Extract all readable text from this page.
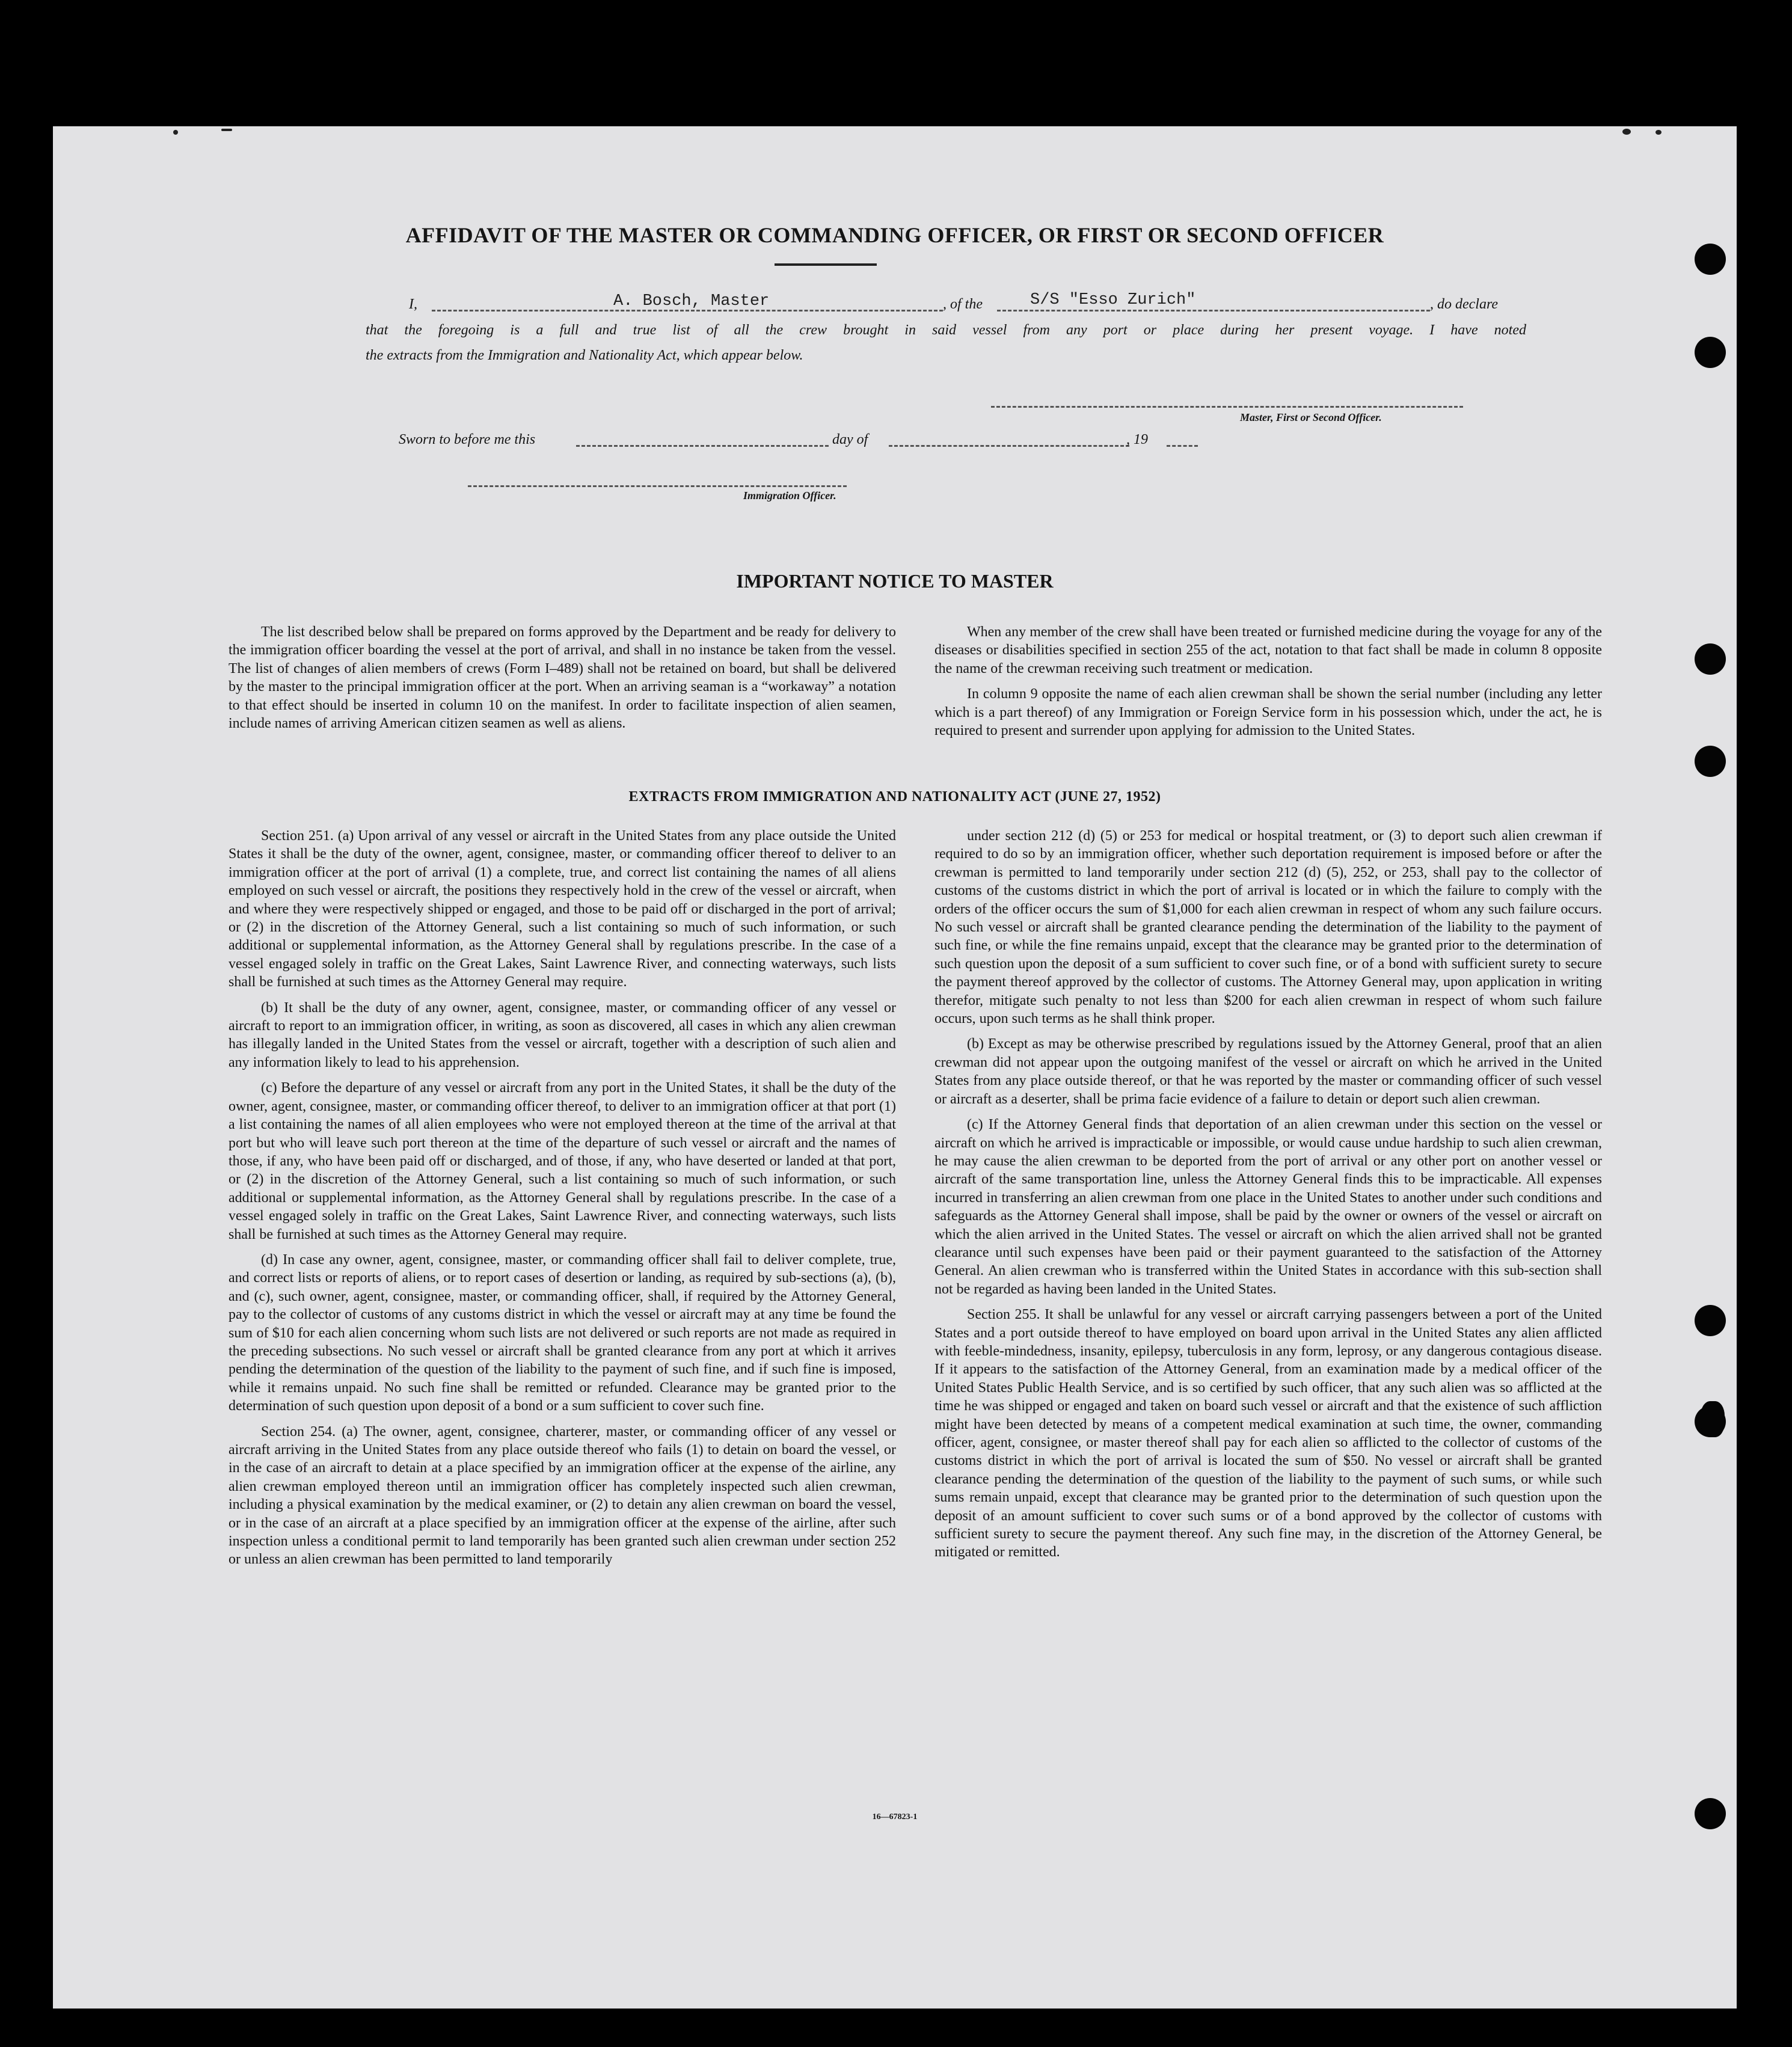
AFFIDAVIT OF THE MASTER OR COMMANDING OFFICER, OR FIRST OR SECOND OFFICER
I,	A. Bosch, Master	, of the	S/S "Esso Zurich"	, do declare
that the foregoing is a full and true list of all the crew brought in said vessel from any port or place during her present voyage. I have noted
the extracts from the Immigration and Nationality Act, which appear below.
Master, First or Second Officer.
Sworn to before me this	day of	, 19
Immigration Officer.
IMPORTANT NOTICE TO MASTER

The list described below shall be prepared on forms approved by the Department and be ready for delivery to the immigration officer boarding the vessel at the port of arrival, and shall in no instance be taken from the vessel. The list of changes of alien members of crews (Form I–489) shall not be retained on board, but shall be delivered by the master to the principal immigration officer at the port. When an arriving seaman is a “workaway” a notation to that effect should be inserted in column 10 on the manifest. In order to facilitate inspection of alien seamen, include names of arriving American citizen seamen as well as aliens.

When any member of the crew shall have been treated or furnished medicine during the voyage for any of the diseases or disabilities specified in section 255 of the act, notation to that fact shall be made in column 8 opposite the name of the crewman receiving such treatment or medication.

In column 9 opposite the name of each alien crewman shall be shown the serial number (including any letter which is a part thereof) of any Immigration or Foreign Service form in his possession which, under the act, he is required to present and surrender upon applying for admission to the United States.

EXTRACTS FROM IMMIGRATION AND NATIONALITY ACT (JUNE 27, 1952)

Section 251. (a) Upon arrival of any vessel or aircraft in the United States from any place outside the United States it shall be the duty of the owner, agent, consignee, master, or commanding officer thereof to deliver to an immigration officer at the port of arrival (1) a complete, true, and correct list containing the names of all aliens employed on such vessel or aircraft, the positions they respectively hold in the crew of the vessel or aircraft, when and where they were respectively shipped or engaged, and those to be paid off or discharged in the port of arrival; or (2) in the discretion of the Attorney General, such a list containing so much of such information, or such additional or supplemental information, as the Attorney General shall by regulations prescribe. In the case of a vessel engaged solely in traffic on the Great Lakes, Saint Lawrence River, and connecting waterways, such lists shall be furnished at such times as the Attorney General may require.

(b) It shall be the duty of any owner, agent, consignee, master, or commanding officer of any vessel or aircraft to report to an immigration officer, in writing, as soon as discovered, all cases in which any alien crewman has illegally landed in the United States from the vessel or aircraft, together with a description of such alien and any information likely to lead to his apprehension.

(c) Before the departure of any vessel or aircraft from any port in the United States, it shall be the duty of the owner, agent, consignee, master, or commanding officer thereof, to deliver to an immigration officer at that port (1) a list containing the names of all alien employees who were not employed thereon at the time of the arrival at that port but who will leave such port thereon at the time of the departure of such vessel or aircraft and the names of those, if any, who have been paid off or discharged, and of those, if any, who have deserted or landed at that port, or (2) in the discretion of the Attorney General, such a list containing so much of such information, or such additional or supplemental information, as the Attorney General shall by regulations prescribe. In the case of a vessel engaged solely in traffic on the Great Lakes, Saint Lawrence River, and connecting waterways, such lists shall be furnished at such times as the Attorney General may require.

(d) In case any owner, agent, consignee, master, or commanding officer shall fail to deliver complete, true, and correct lists or reports of aliens, or to report cases of desertion or landing, as required by sub-sections (a), (b), and (c), such owner, agent, consignee, master, or commanding officer, shall, if required by the Attorney General, pay to the collector of customs of any customs district in which the vessel or aircraft may at any time be found the sum of $10 for each alien concerning whom such lists are not delivered or such reports are not made as required in the preceding subsections. No such vessel or aircraft shall be granted clearance from any port at which it arrives pending the determination of the question of the liability to the payment of such fine, and if such fine is imposed, while it remains unpaid. No such fine shall be remitted or refunded. Clearance may be granted prior to the determination of such question upon deposit of a bond or a sum sufficient to cover such fine.

Section 254. (a) The owner, agent, consignee, charterer, master, or commanding officer of any vessel or aircraft arriving in the United States from any place outside thereof who fails (1) to detain on board the vessel, or in the case of an aircraft to detain at a place specified by an immigration officer at the expense of the airline, any alien crewman employed thereon until an immigration officer has completely inspected such alien crewman, including a physical examination by the medical examiner, or (2) to detain any alien crewman on board the vessel, or in the case of an aircraft at a place specified by an immigration officer at the expense of the airline, after such inspection unless a conditional permit to land temporarily has been granted such alien crewman under section 252 or unless an alien crewman has been permitted to land temporarily

under section 212 (d) (5) or 253 for medical or hospital treatment, or (3) to deport such alien crewman if required to do so by an immigration officer, whether such deportation requirement is imposed before or after the crewman is permitted to land temporarily under section 212 (d) (5), 252, or 253, shall pay to the collector of customs of the customs district in which the port of arrival is located or in which the failure to comply with the orders of the officer occurs the sum of $1,000 for each alien crewman in respect of whom any such failure occurs. No such vessel or aircraft shall be granted clearance pending the determination of the liability to the payment of such fine, or while the fine remains unpaid, except that the clearance may be granted prior to the determination of such question upon the deposit of a sum sufficient to cover such fine, or of a bond with sufficient surety to secure the payment thereof approved by the collector of customs. The Attorney General may, upon application in writing therefor, mitigate such penalty to not less than $200 for each alien crewman in respect of whom such failure occurs, upon such terms as he shall think proper.

(b) Except as may be otherwise prescribed by regulations issued by the Attorney General, proof that an alien crewman did not appear upon the outgoing manifest of the vessel or aircraft on which he arrived in the United States from any place outside thereof, or that he was reported by the master or commanding officer of such vessel or aircraft as a deserter, shall be prima facie evidence of a failure to detain or deport such alien crewman.

(c) If the Attorney General finds that deportation of an alien crewman under this section on the vessel or aircraft on which he arrived is impracticable or impossible, or would cause undue hardship to such alien crewman, he may cause the alien crewman to be deported from the port of arrival or any other port on another vessel or aircraft of the same transportation line, unless the Attorney General finds this to be impracticable. All expenses incurred in transferring an alien crewman from one place in the United States to another under such conditions and safeguards as the Attorney General shall impose, shall be paid by the owner or owners of the vessel or aircraft on which the alien arrived in the United States. The vessel or aircraft on which the alien arrived shall not be granted clearance until such expenses have been paid or their payment guaranteed to the satisfaction of the Attorney General. An alien crewman who is transferred within the United States in accordance with this sub-section shall not be regarded as having been landed in the United States.

Section 255. It shall be unlawful for any vessel or aircraft carrying passengers between a port of the United States and a port outside thereof to have employed on board upon arrival in the United States any alien afflicted with feeble-mindedness, insanity, epilepsy, tuberculosis in any form, leprosy, or any dangerous contagious disease. If it appears to the satisfaction of the Attorney General, from an examination made by a medical officer of the United States Public Health Service, and is so certified by such officer, that any such alien was so afflicted at the time he was shipped or engaged and taken on board such vessel or aircraft and that the existence of such affliction might have been detected by means of a competent medical examination at such time, the owner, commanding officer, agent, consignee, or master thereof shall pay for each alien so afflicted to the collector of customs of the customs district in which the port of arrival is located the sum of $50. No vessel or aircraft shall be granted clearance pending the determination of the question of the liability to the payment of such sums, or while such sums remain unpaid, except that clearance may be granted prior to the determination of such question upon the deposit of an amount sufficient to cover such sums or of a bond approved by the collector of customs with sufficient surety to secure the payment thereof. Any such fine may, in the discretion of the Attorney General, be mitigated or remitted.

16—67823-1
